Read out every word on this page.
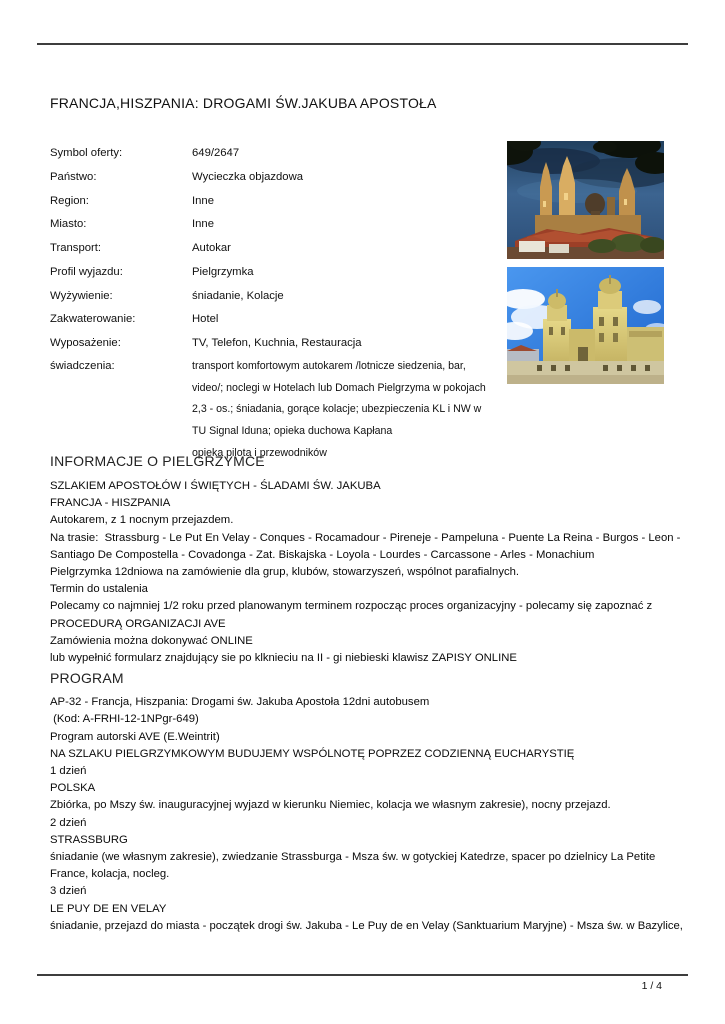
FRANCJA,HISZPANIA: DROGAMI ŚW.JAKUBA APOSTOŁA
Symbol oferty:	649/2647
Państwo:	Wycieczka objazdowa
Region:	Inne
Miasto:	Inne
Transport:	Autokar
Profil wyjazdu:	Pielgrzymka
Wyżywienie:	śniadanie, Kolacje
Zakwaterowanie:	Hotel
Wyposażenie:	TV, Telefon, Kuchnia, Restauracja
świadczenia:	transport komfortowym autokarem /lotnicze siedzenia, bar,
video/; noclegi w Hotelach lub Domach Pielgrzyma w pokojach
2,3 - os.; śniadania, gorące kolacje; ubezpieczenia KL i NW w
TU Signal Iduna; opieka duchowa Kapłana
opieka pilota i przewodników
INFORMACJE O PIELGRZYMCE
SZLAKIEM APOSTOŁÓW I ŚWIĘTYCH - ŚLADAMI ŚW. JAKUBA
FRANCJA - HISZPANIA
Autokarem, z 1 nocnym przejazdem.
Na trasie:  Strassburg - Le Put En Velay - Conques - Rocamadour - Pireneje - Pampeluna - Puente La Reina - Burgos - Leon -
Santiago De Compostella - Covadonga - Zat. Biskajska - Loyola - Lourdes - Carcassone - Arles - Monachium
Pielgrzymka 12dniowa na zamówienie dla grup, klubów, stowarzyszeń, wspólnot parafialnych.
Termin do ustalenia
Polecamy co najmniej 1/2 roku przed planowanym terminem rozpocząc proces organizacyjny - polecamy się zapoznać z
PROCEDURĄ ORGANIZACJI AVE
Zamówienia można dokonywać ONLINE
lub wypełnić formularz znajdujący sie po klknieciu na II - gi niebieski klawisz ZAPISY ONLINE
PROGRAM
AP-32 - Francja, Hiszpania: Drogami św. Jakuba Apostoła 12dni autobusem
(Kod: A-FRHI-12-1NPgr-649)
Program autorski AVE (E.Weintrit)
NA SZLAKU PIELGRZYMKOWYM BUDUJEMY WSPÓLNOTĘ POPRZEZ CODZIENNĄ EUCHARYSTIĘ
1 dzień
POLSKA
Zbiórka, po Mszy św. inauguracyjnej wyjazd w kierunku Niemiec, kolacja we własnym zakresie), nocny przejazd.
2 dzień
STRASSBURG
śniadanie (we własnym zakresie), zwiedzanie Strassburga - Msza św. w gotyckiej Katedrze, spacer po dzielnicy La Petite
France, kolacja, nocleg.
3 dzień
LE PUY DE EN VELAY
śniadanie, przejazd do miasta - początek drogi św. Jakuba - Le Puy de en Velay (Sanktuarium Maryjne) - Msza św. w Bazylice,
1 / 4
